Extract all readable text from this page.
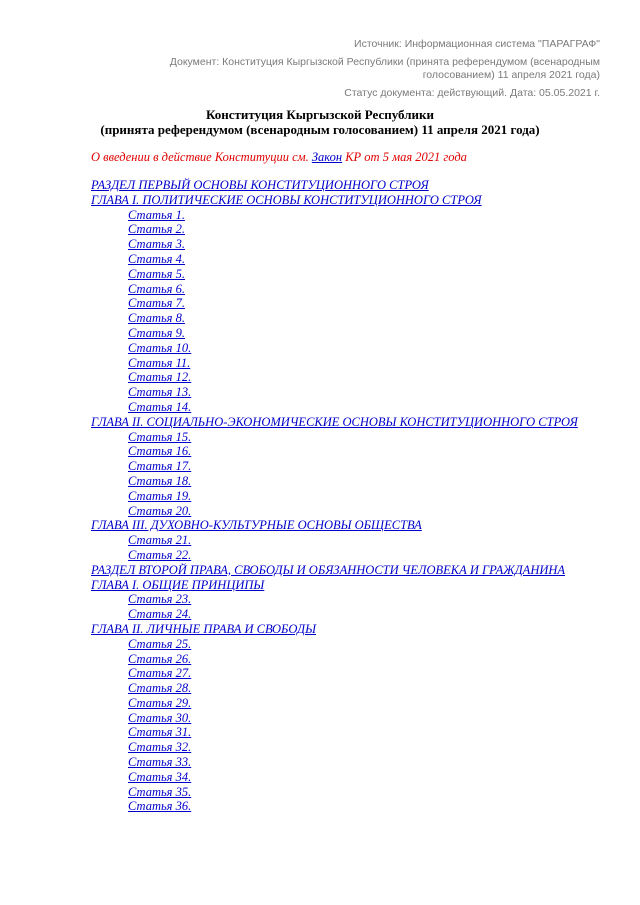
Источник: Информационная система "ПАРАГРАФ"
Документ: Конституция Кыргызской Республики (принята референдумом (всенародным голосованием) 11 апреля 2021 года)
Статус документа: действующий. Дата: 05.05.2021 г.
Конституция Кыргызской Республики
(принята референдумом (всенародным голосованием) 11 апреля 2021 года)
О введении в действие Конституции см. Закон КР от 5 мая 2021 года
РАЗДЕЛ ПЕРВЫЙ ОСНОВЫ КОНСТИТУЦИОННОГО СТРОЯ
ГЛАВА I. ПОЛИТИЧЕСКИЕ ОСНОВЫ КОНСТИТУЦИОННОГО СТРОЯ
Статья 1.
Статья 2.
Статья 3.
Статья 4.
Статья 5.
Статья 6.
Статья 7.
Статья 8.
Статья 9.
Статья 10.
Статья 11.
Статья 12.
Статья 13.
Статья 14.
ГЛАВА II. СОЦИАЛЬНО-ЭКОНОМИЧЕСКИЕ ОСНОВЫ КОНСТИТУЦИОННОГО СТРОЯ
Статья 15.
Статья 16.
Статья 17.
Статья 18.
Статья 19.
Статья 20.
ГЛАВА III. ДУХОВНО-КУЛЬТУРНЫЕ ОСНОВЫ ОБЩЕСТВА
Статья 21.
Статья 22.
РАЗДЕЛ ВТОРОЙ ПРАВА, СВОБОДЫ И ОБЯЗАННОСТИ ЧЕЛОВЕКА И ГРАЖДАНИНА
ГЛАВА I. ОБЩИЕ ПРИНЦИПЫ
Статья 23.
Статья 24.
ГЛАВА II. ЛИЧНЫЕ ПРАВА И СВОБОДЫ
Статья 25.
Статья 26.
Статья 27.
Статья 28.
Статья 29.
Статья 30.
Статья 31.
Статья 32.
Статья 33.
Статья 34.
Статья 35.
Статья 36.
